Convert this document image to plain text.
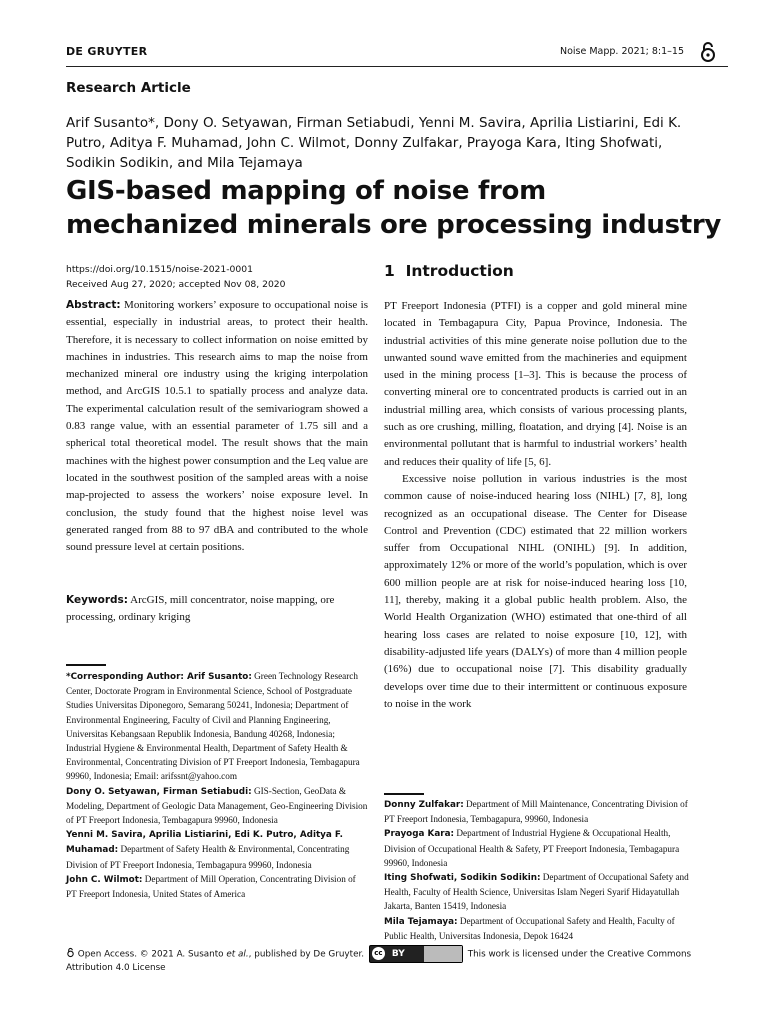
DE GRUYTER	Noise Mapp. 2021; 8:1–15
Research Article
Arif Susanto*, Dony O. Setyawan, Firman Setiabudi, Yenni M. Savira, Aprilia Listiarini, Edi K. Putro, Aditya F. Muhamad, John C. Wilmot, Donny Zulfakar, Prayoga Kara, Iting Shofwati, Sodikin Sodikin, and Mila Tejamaya
GIS-based mapping of noise from mechanized minerals ore processing industry
https://doi.org/10.1515/noise-2021-0001
Received Aug 27, 2020; accepted Nov 08, 2020
Abstract: Monitoring workers’ exposure to occupational noise is essential, especially in industrial areas, to protect their health. Therefore, it is necessary to collect information on noise emitted by machines in industries. This research aims to map the noise from mechanized mineral ore industry using the kriging interpolation method, and ArcGIS 10.5.1 to spatially process and analyze data. The experimental calculation result of the semivariogram showed a 0.83 range value, with an essential parameter of 1.75 sill and a spherical total theoretical model. The result shows that the main machines with the highest power consumption and the Leq value are located in the southwest position of the sampled areas with a noise map-projected to assess the workers’ noise exposure level. In conclusion, the study found that the highest noise level was generated ranged from 88 to 97 dBA and contributed to the whole sound pressure level at certain positions.
Keywords: ArcGIS, mill concentrator, noise mapping, ore processing, ordinary kriging

*Corresponding Author: Arif Susanto: Green Technology Research Center, Doctorate Program in Environmental Science, School of Postgraduate Studies Universitas Diponegoro, Semarang 50241, Indonesia; Department of Environmental Engineering, Faculty of Civil and Planning Engineering, Universitas Kebangsaan Republik Indonesia, Bandung 40268, Indonesia; Industrial Hygiene & Environmental Health, Department of Safety Health & Environmental, Concentrating Division of PT Freeport Indonesia, Tembagapura 99960, Indonesia; Email: arifssnt@yahoo.com

Dony O. Setyawan, Firman Setiabudi: GIS-Section, GeoData & Modeling, Department of Geologic Data Management, Geo-Engineering Division of PT Freeport Indonesia, Tembagapura 99960, Indonesia

Yenni M. Savira, Aprilia Listiarini, Edi K. Putro, Aditya F. Muhamad: Department of Safety Health & Environmental, Concentrating Division of PT Freeport Indonesia, Tembagapura 99960, Indonesia

John C. Wilmot: Department of Mill Operation, Concentrating Division of PT Freeport Indonesia, United States of America

1 Introduction

PT Freeport Indonesia (PTFI) is a copper and gold mineral mine located in Tembagapura City, Papua Province, Indonesia. The industrial activities of this mine generate noise pollution due to the unwanted sound wave emitted from the machineries and equipment used in the mining process [1–3]. This is because the process of converting mineral ore to concentrated products is carried out in an industrial milling area, which consists of various processing plants, such as ore crushing, milling, floatation, and drying [4]. Noise is an environmental pollutant that is harmful to industrial workers’ health and reduces their quality of life [5, 6].

Excessive noise pollution in various industries is the most common cause of noise-induced hearing loss (NIHL) [7, 8], long recognized as an occupational disease. The Center for Disease Control and Prevention (CDC) estimated that 22 million workers suffer from Occupational NIHL (ONIHL) [9]. In addition, approximately 12% or more of the world’s population, which is over 600 million people are at risk for noise-induced hearing loss [10, 11], thereby, making it a global public health problem. Also, the World Health Organization (WHO) estimated that one-third of all hearing loss cases are related to noise exposure [10, 12], with disability-adjusted life years (DALYs) of more than 4 million people (16%) due to occupational noise [7]. This disability gradually develops over time due to their intermittent or continuous exposure to noise in the work

Donny Zulfakar: Department of Mill Maintenance, Concentrating Division of PT Freeport Indonesia, Tembagapura, 99960, Indonesia

Prayoga Kara: Department of Industrial Hygiene & Occupational Health, Division of Occupational Health & Safety, PT Freeport Indonesia, Tembagapura 99960, Indonesia

Iting Shofwati, Sodikin Sodikin: Department of Occupational Safety and Health, Faculty of Health Science, Universitas Islam Negeri Syarif Hidayatullah Jakarta, Banten 15419, Indonesia

Mila Tejamaya: Department of Occupational Safety and Health, Faculty of Public Health, Universitas Indonesia, Depok 16424

Open Access. © 2021 A. Susanto et al., published by De Gruyter.	cc BY	This work is licensed under the Creative Commons Attribution 4.0 License
